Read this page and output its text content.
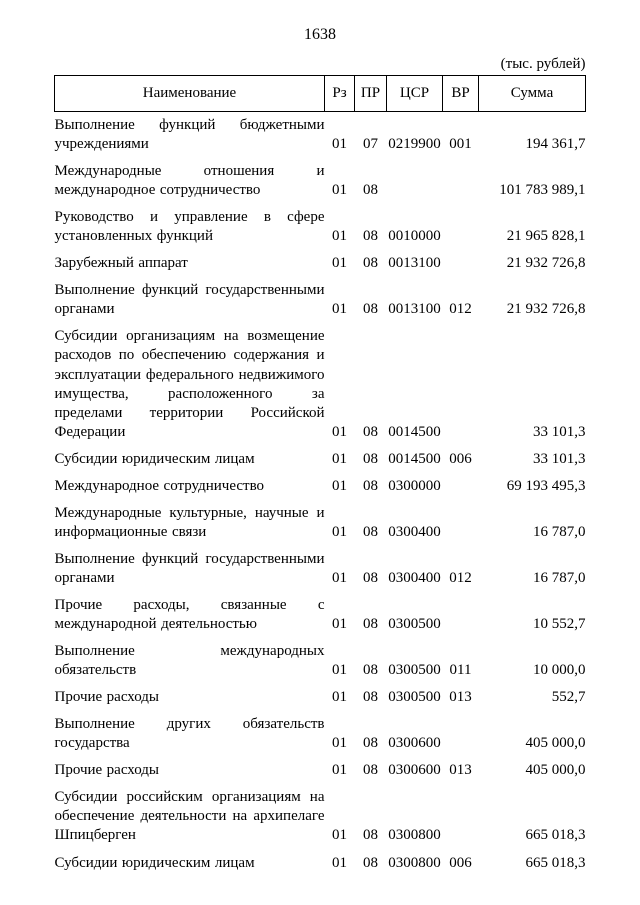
1638
(тыс. рублей)
Наименование	Рз	ПР	ЦСР	ВР	Сумма
Выполнение функций бюджетными учреждениями	01	07	0219900	001	194 361,7
Международные отношения и международное сотрудничество	01	08			101 783 989,1
Руководство и управление в сфере установленных функций	01	08	0010000		21 965 828,1
Зарубежный аппарат	01	08	0013100		21 932 726,8
Выполнение функций государственными органами	01	08	0013100	012	21 932 726,8
Субсидии организациям на возмещение расходов по обеспечению содержания и эксплуатации федерального недвижимого имущества, расположенного за пределами территории Российской Федерации	01	08	0014500		33 101,3
Субсидии юридическим лицам	01	08	0014500	006	33 101,3
Международное сотрудничество	01	08	0300000		69 193 495,3
Международные культурные, научные и информационные связи	01	08	0300400		16 787,0
Выполнение функций государственными органами	01	08	0300400	012	16 787,0
Прочие расходы, связанные с международной деятельностью	01	08	0300500		10 552,7
Выполнение международных обязательств	01	08	0300500	011	10 000,0
Прочие расходы	01	08	0300500	013	552,7
Выполнение других обязательств государства	01	08	0300600		405 000,0
Прочие расходы	01	08	0300600	013	405 000,0
Субсидии российским организациям на обеспечение деятельности на архипелаге Шпицберген	01	08	0300800		665 018,3
Субсидии юридическим лицам	01	08	0300800	006	665 018,3
